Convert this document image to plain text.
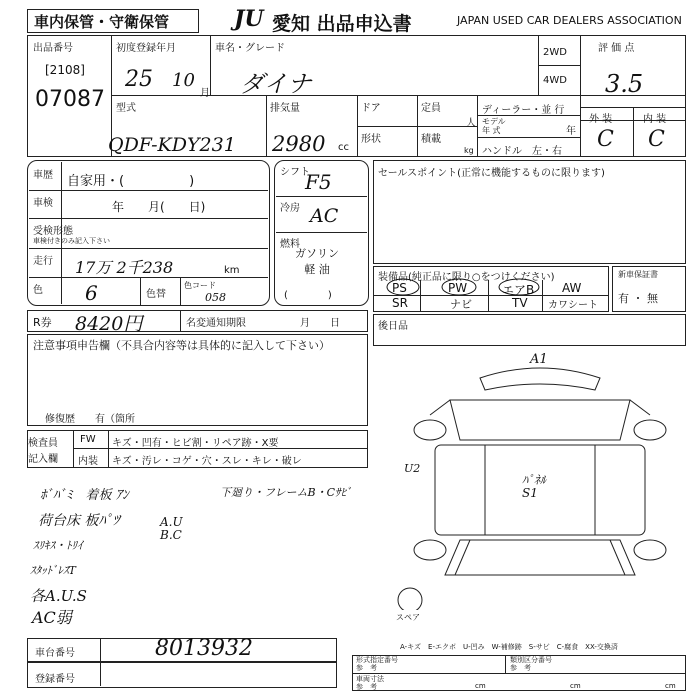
車内保管・守衛保管	JU 愛知 出品申込書	JAPAN USED CAR DEALERS ASSOCIATION
出品番号
[2108]
07087
初度登録年月
25 10
月
車名・グレード
ダイナ
2WD
4WD
評 価 点
3.5
型式
QDF-KDY231
排気量
2980 cc
ドア
形状
定員
人
積載
kg
ディーラー・並 行
モデル
年 式	年
ハンドル　左・右
外 装	内 装
C C
車歴 自家用・(　　　　　)
車検	年　　月(　　日)
受検形態
車検付きのみ記入下さい
走行 17万 2千238	km
色 6	色替
色コード
058
シフト
F5
冷房 AC
燃料
ガソリン
軽 油
(　　　　)
セールスポイント(正常に機能するものに限ります)
装備品(純正品に限り○をつけください)
PS	PW	エアB AW
SR	ナビ	TV カワシート
新車保証書
有 ・ 無
R券 8420円	名変通知期限	月　　日	後日品
注意事項申告欄（不具合内容等は具体的に記入して下さい）
修復歴　　有（箇所
検査員
記入欄
FW キズ・凹有・ヒビ割・リペア跡・X要
内装 キズ・汚レ・コゲ・穴・スレ・キレ・破レ
ﾎﾞﾊﾞﾐ　着板 ｱﾝ	下廻り・フレームB・Cｻﾋﾞ
荷台床 板ﾊﾟﾂ	A.U
B.C
ｽﾘｷｽ・ﾄﾘｲ
ｽﾀｯﾄﾞﾚｽT
各A.U.S
AC弱
A1
U2
ﾊﾟﾈﾙ
S1
スペア
A-キズ　E-エクボ　U-凹み　W-補修跡　S-サビ　C-腐食　XX-交換済
車台番号	8013932
登録番号
形式指定番号
参　考
類別区分番号
参　考
車両寸法
参　考	cm	cm	cm
